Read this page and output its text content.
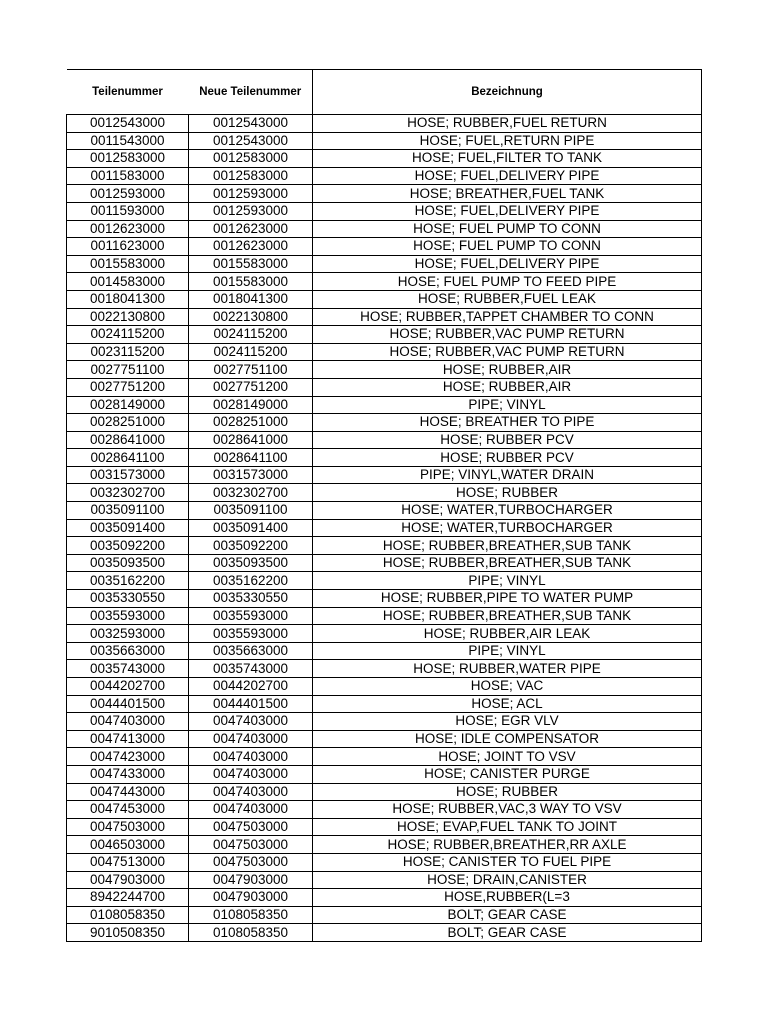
Teilenummer	Neue Teilenummer	Bezeichnung
0012543000	0012543000	HOSE; RUBBER,FUEL RETURN
0011543000	0012543000	HOSE; FUEL,RETURN PIPE
0012583000	0012583000	HOSE; FUEL,FILTER TO TANK
0011583000	0012583000	HOSE; FUEL,DELIVERY PIPE
0012593000	0012593000	HOSE; BREATHER,FUEL TANK
0011593000	0012593000	HOSE; FUEL,DELIVERY PIPE
0012623000	0012623000	HOSE; FUEL PUMP TO CONN
0011623000	0012623000	HOSE; FUEL PUMP TO CONN
0015583000	0015583000	HOSE; FUEL,DELIVERY PIPE
0014583000	0015583000	HOSE; FUEL PUMP TO FEED PIPE
0018041300	0018041300	HOSE; RUBBER,FUEL LEAK
0022130800	0022130800	HOSE; RUBBER,TAPPET CHAMBER TO CONN
0024115200	0024115200	HOSE; RUBBER,VAC PUMP RETURN
0023115200	0024115200	HOSE; RUBBER,VAC PUMP RETURN
0027751100	0027751100	HOSE; RUBBER,AIR
0027751200	0027751200	HOSE; RUBBER,AIR
0028149000	0028149000	PIPE; VINYL
0028251000	0028251000	HOSE; BREATHER TO PIPE
0028641000	0028641000	HOSE; RUBBER PCV
0028641100	0028641100	HOSE; RUBBER PCV
0031573000	0031573000	PIPE; VINYL,WATER DRAIN
0032302700	0032302700	HOSE; RUBBER
0035091100	0035091100	HOSE; WATER,TURBOCHARGER
0035091400	0035091400	HOSE; WATER,TURBOCHARGER
0035092200	0035092200	HOSE; RUBBER,BREATHER,SUB TANK
0035093500	0035093500	HOSE; RUBBER,BREATHER,SUB TANK
0035162200	0035162200	PIPE; VINYL
0035330550	0035330550	HOSE; RUBBER,PIPE TO WATER PUMP
0035593000	0035593000	HOSE; RUBBER,BREATHER,SUB TANK
0032593000	0035593000	HOSE; RUBBER,AIR LEAK
0035663000	0035663000	PIPE; VINYL
0035743000	0035743000	HOSE; RUBBER,WATER PIPE
0044202700	0044202700	HOSE; VAC
0044401500	0044401500	HOSE; ACL
0047403000	0047403000	HOSE; EGR VLV
0047413000	0047403000	HOSE; IDLE COMPENSATOR
0047423000	0047403000	HOSE; JOINT TO VSV
0047433000	0047403000	HOSE; CANISTER PURGE
0047443000	0047403000	HOSE; RUBBER
0047453000	0047403000	HOSE; RUBBER,VAC,3 WAY TO VSV
0047503000	0047503000	HOSE; EVAP,FUEL TANK TO JOINT
0046503000	0047503000	HOSE; RUBBER,BREATHER,RR AXLE
0047513000	0047503000	HOSE; CANISTER TO FUEL PIPE
0047903000	0047903000	HOSE; DRAIN,CANISTER
8942244700	0047903000	HOSE,RUBBER(L=3
0108058350	0108058350	BOLT; GEAR CASE
9010508350	0108058350	BOLT; GEAR CASE
